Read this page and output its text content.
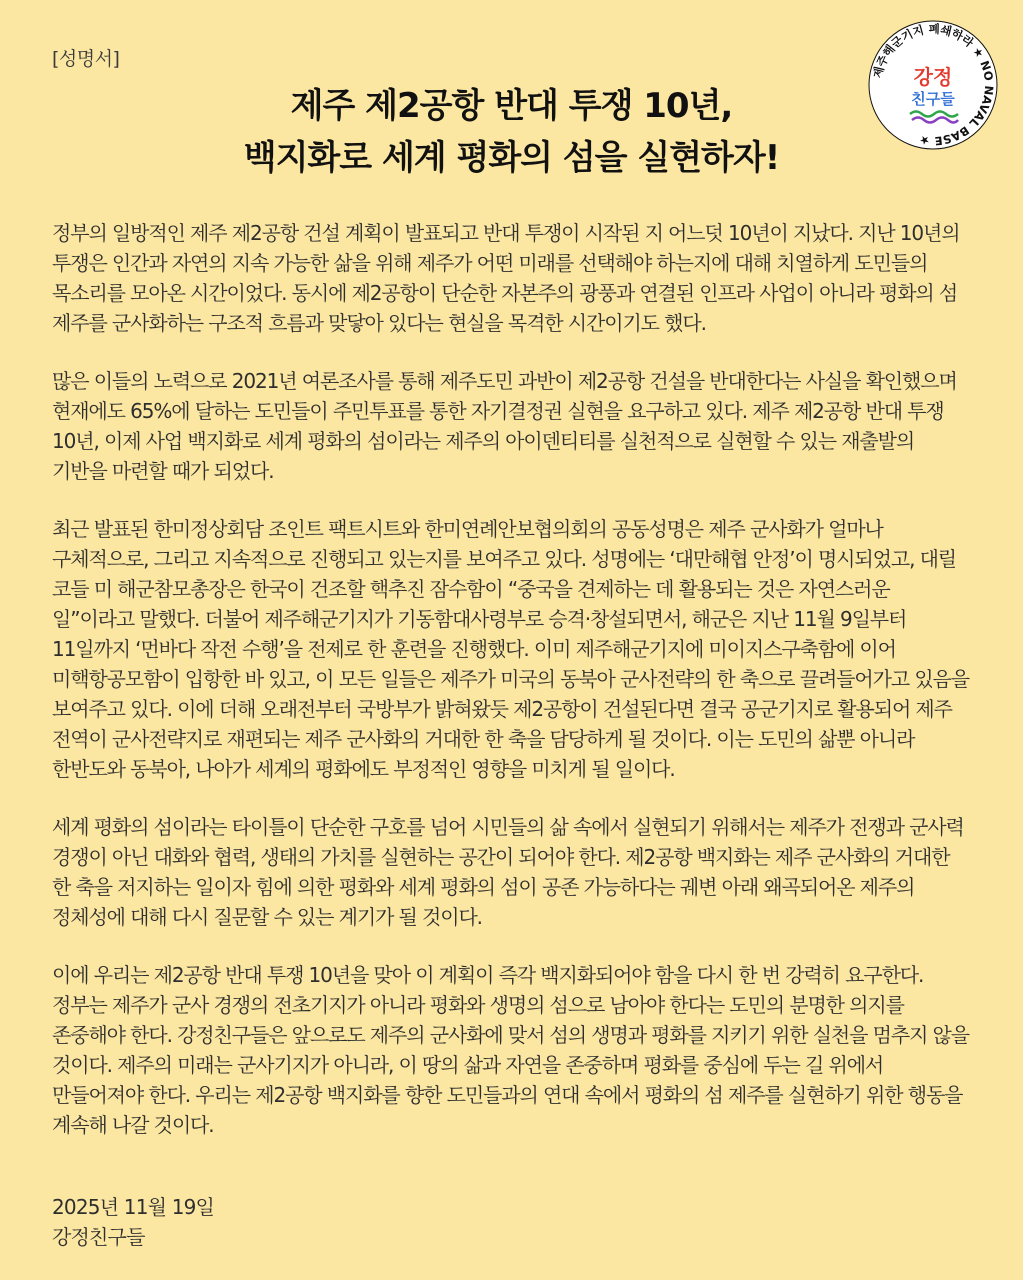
[성명서]
제주 제2공항 반대 투쟁 10년,
백지화로 세계 평화의 섬을 실현하자!
제주해군기지 폐쇄하라 ★ NO NAVAL BASE ★
강정
친구들

정부의 일방적인 제주 제2공항 건설 계획이 발표되고 반대 투쟁이 시작된 지 어느덧 10년이 지났다. 지난 10년의 투쟁은 인간과 자연의 지속 가능한 삶을 위해 제주가 어떤 미래를 선택해야 하는지에 대해 치열하게 도민들의 목소리를 모아온 시간이었다. 동시에 제2공항이 단순한 자본주의 광풍과 연결된 인프라 사업이 아니라 평화의 섬 제주를 군사화하는 구조적 흐름과 맞닿아 있다는 현실을 목격한 시간이기도 했다.

많은 이들의 노력으로 2021년 여론조사를 통해 제주도민 과반이 제2공항 건설을 반대한다는 사실을 확인했으며 현재에도 65%에 달하는 도민들이 주민투표를 통한 자기결정권 실현을 요구하고 있다. 제주 제2공항 반대 투쟁 10년, 이제 사업 백지화로 세계 평화의 섬이라는 제주의 아이덴티티를 실천적으로 실현할 수 있는 재출발의 기반을 마련할 때가 되었다.

최근 발표된 한미정상회담 조인트 팩트시트와 한미연례안보협의회의 공동성명은 제주 군사화가 얼마나 구체적으로, 그리고 지속적으로 진행되고 있는지를 보여주고 있다. 성명에는 ‘대만해협 안정’이 명시되었고, 대릴 코들 미 해군참모총장은 한국이 건조할 핵추진 잠수함이 “중국을 견제하는 데 활용되는 것은 자연스러운 일”이라고 말했다. 더불어 제주해군기지가 기동함대사령부로 승격·창설되면서, 해군은 지난 11월 9일부터 11일까지 ‘먼바다 작전 수행’을 전제로 한 훈련을 진행했다. 이미 제주해군기지에 미이지스구축함에 이어 미핵항공모함이 입항한 바 있고, 이 모든 일들은 제주가 미국의 동북아 군사전략의 한 축으로 끌려들어가고 있음을 보여주고 있다. 이에 더해 오래전부터 국방부가 밝혀왔듯 제2공항이 건설된다면 결국 공군기지로 활용되어 제주 전역이 군사전략지로 재편되는 제주 군사화의 거대한 한 축을 담당하게 될 것이다. 이는 도민의 삶뿐 아니라 한반도와 동북아, 나아가 세계의 평화에도 부정적인 영향을 미치게 될 일이다.

세계 평화의 섬이라는 타이틀이 단순한 구호를 넘어 시민들의 삶 속에서 실현되기 위해서는 제주가 전쟁과 군사력 경쟁이 아닌 대화와 협력, 생태의 가치를 실현하는 공간이 되어야 한다. 제2공항 백지화는 제주 군사화의 거대한 한 축을 저지하는 일이자 힘에 의한 평화와 세계 평화의 섬이 공존 가능하다는 궤변 아래 왜곡되어온 제주의 정체성에 대해 다시 질문할 수 있는 계기가 될 것이다.

이에 우리는 제2공항 반대 투쟁 10년을 맞아 이 계획이 즉각 백지화되어야 함을 다시 한 번 강력히 요구한다. 정부는 제주가 군사 경쟁의 전초기지가 아니라 평화와 생명의 섬으로 남아야 한다는 도민의 분명한 의지를 존중해야 한다. 강정친구들은 앞으로도 제주의 군사화에 맞서 섬의 생명과 평화를 지키기 위한 실천을 멈추지 않을 것이다. 제주의 미래는 군사기지가 아니라, 이 땅의 삶과 자연을 존중하며 평화를 중심에 두는 길 위에서 만들어져야 한다. 우리는 제2공항 백지화를 향한 도민들과의 연대 속에서 평화의 섬 제주를 실현하기 위한 행동을 계속해 나갈 것이다.

2025년 11월 19일
강정친구들
